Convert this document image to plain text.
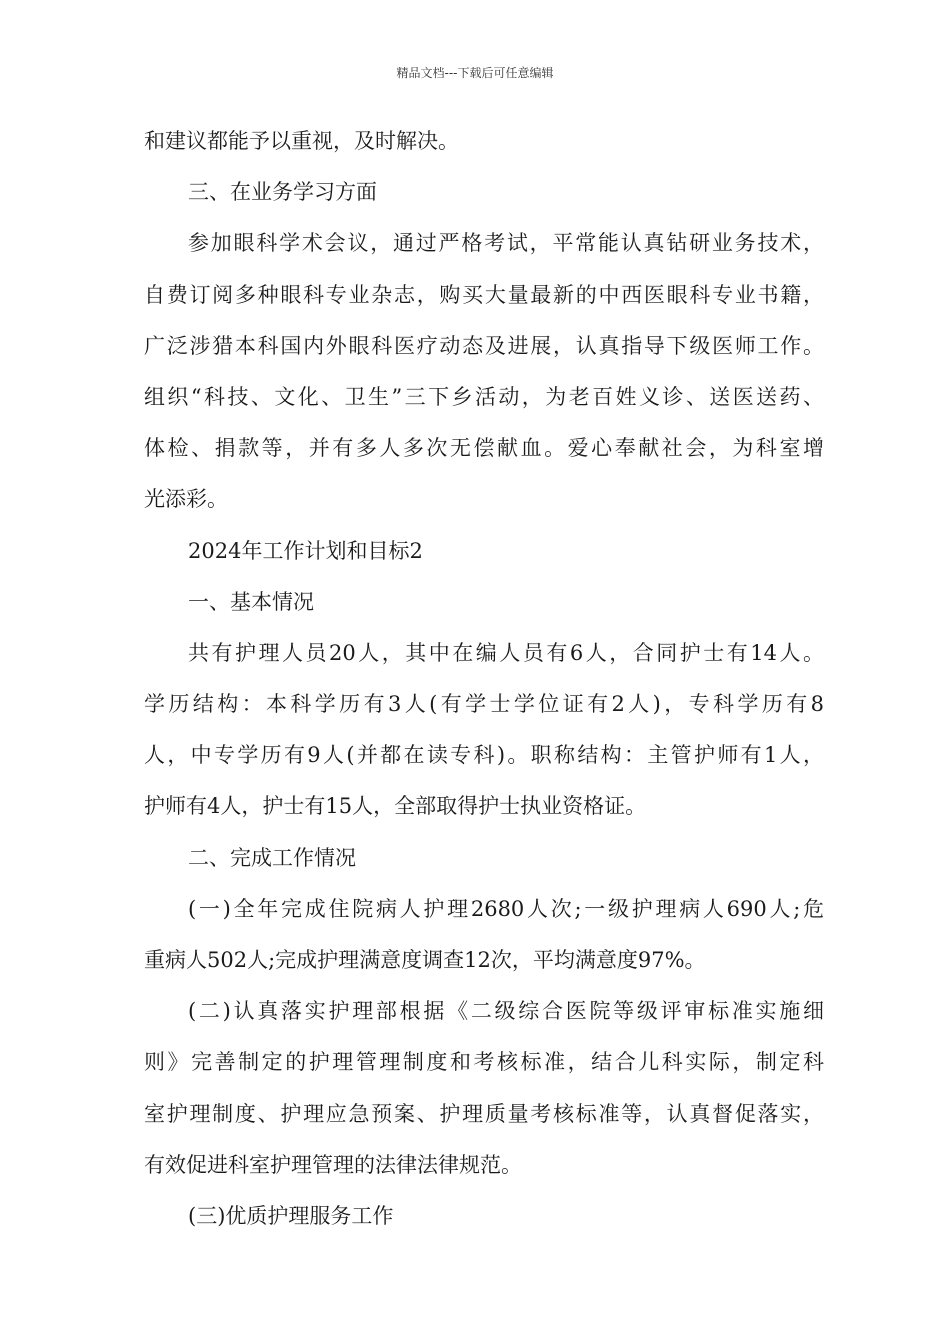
精品文档---下载后可任意编辑
和建议都能予以重视，及时解决。
三、在业务学习方面
参加眼科学术会议，通过严格考试，平常能认真钻研业务技术，
自费订阅多种眼科专业杂志，购买大量最新的中西医眼科专业书籍，
广泛涉猎本科国内外眼科医疗动态及进展，认真指导下级医师工作。
组织“科技、文化、卫生”三下乡活动，为老百姓义诊、送医送药、
体检、捐款等，并有多人多次无偿献血。爱心奉献社会，为科室增
光添彩。
2024年工作计划和目标2
一、基本情况
共有护理人员20人，其中在编人员有6人，合同护士有14人。
学历结构：本科学历有3人(有学士学位证有2人)，专科学历有8
人，中专学历有9人(并都在读专科)。职称结构：主管护师有1人，
护师有4人，护士有15人，全部取得护士执业资格证。
二、完成工作情况
(一)全年完成住院病人护理2680人次;一级护理病人690人;危
重病人502人;完成护理满意度调查12次，平均满意度97%。
(二)认真落实护理部根据《二级综合医院等级评审标准实施细
则》完善制定的护理管理制度和考核标准，结合儿科实际，制定科
室护理制度、护理应急预案、护理质量考核标准等，认真督促落实，
有效促进科室护理管理的法律法律规范。
(三)优质护理服务工作
